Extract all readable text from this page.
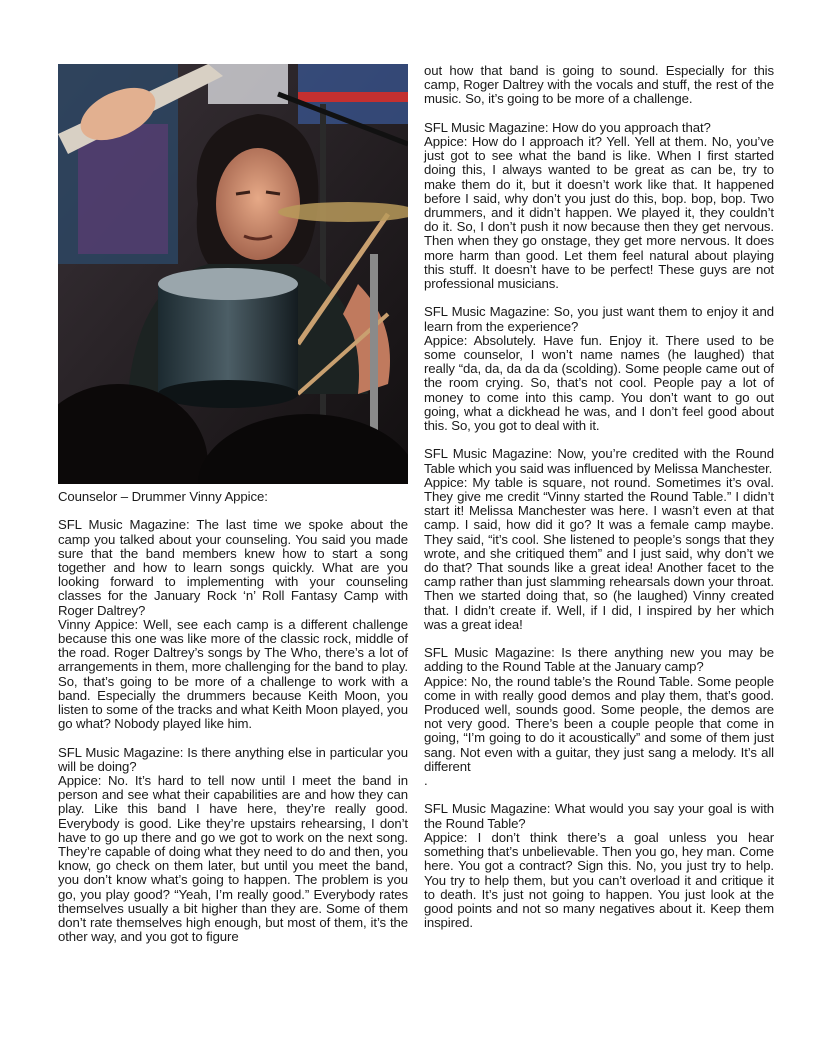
Counselor – Drummer Vinny Appice:

SFL Music Magazine: The last time we spoke about the camp you talked about your counseling. You said you made sure that the band members knew how to start a song together and how to learn songs quickly. What are you looking forward to implementing with your counseling classes for the January Rock ‘n’ Roll Fantasy Camp with Roger Daltrey?

Vinny Appice: Well, see each camp is a different challenge because this one was like more of the classic rock, middle of the road. Roger Daltrey’s songs by The Who, there’s a lot of arrangements in them, more challenging for the band to play. So, that’s going to be more of a challenge to work with a band. Especially the drummers because Keith Moon, you listen to some of the tracks and what Keith Moon played, you go what? Nobody played like him.

SFL Music Magazine: Is there anything else in particular you will be doing?

Appice: No. It’s hard to tell now until I meet the band in person and see what their capabilities are and how they can play. Like this band I have here, they’re really good. Everybody is good. Like they’re upstairs rehearsing, I don’t have to go up there and go we got to work on the next song. They’re capable of doing what they need to do and then, you know, go check on them later, but until you meet the band, you don’t know what’s going to happen. The problem is you go, you play good? “Yeah, I’m really good.” Everybody rates themselves usually a bit higher than they are. Some of them don’t rate themselves high enough, but most of them, it’s the other way, and you got to figure

out how that band is going to sound. Especially for this camp, Roger Daltrey with the vocals and stuff, the rest of the music. So, it’s going to be more of a challenge.

SFL Music Magazine: How do you approach that?

Appice: How do I approach it? Yell. Yell at them. No, you’ve just got to see what the band is like. When I first started doing this, I always wanted to be great as can be, try to make them do it, but it doesn’t work like that. It happened before I said, why don’t you just do this, bop. bop, bop. Two drummers, and it didn’t happen. We played it, they couldn’t do it. So, I don’t push it now because then they get nervous. Then when they go onstage, they get more nervous. It does more harm than good. Let them feel natural about playing this stuff. It doesn’t have to be perfect! These guys are not professional musicians.

SFL Music Magazine: So, you just want them to enjoy it and learn from the experience?

Appice: Absolutely. Have fun. Enjoy it. There used to be some counselor, I won’t name names (he laughed) that really “da, da, da da da (scolding). Some people came out of the room crying. So, that’s not cool. People pay a lot of money to come into this camp. You don’t want to go out going, what a dickhead he was, and I don’t feel good about this. So, you got to deal with it.

SFL Music Magazine: Now, you’re credited with the Round Table which you said was influenced by Melissa Manchester.

Appice: My table is square, not round. Sometimes it’s oval. They give me credit “Vinny started the Round Table.” I didn’t start it! Melissa Manchester was here. I wasn’t even at that camp. I said, how did it go? It was a female camp maybe. They said, “it’s cool. She listened to people’s songs that they wrote, and she critiqued them” and I just said, why don’t we do that? That sounds like a great idea! Another facet to the camp rather than just slamming rehearsals down your throat. Then we started doing that, so (he laughed) Vinny created that. I didn’t create if. Well, if I did, I inspired by her which was a great idea!

SFL Music Magazine: Is there anything new you may be adding to the Round Table at the January camp?

Appice: No, the round table’s the Round Table. Some people come in with really good demos and play them, that’s good. Produced well, sounds good. Some people, the demos are not very good. There’s been a couple people that come in going, “I’m going to do it acoustically” and some of them just sang. Not even with a guitar, they just sang a melody. It’s all different

.

SFL Music Magazine: What would you say your goal is with the Round Table?

Appice: I don’t think there’s a goal unless you hear something that’s unbelievable. Then you go, hey man. Come here. You got a contract? Sign this. No, you just try to help. You try to help them, but you can’t overload it and critique it to death. It’s just not going to happen. You just look at the good points and not so many negatives about it. Keep them inspired.
